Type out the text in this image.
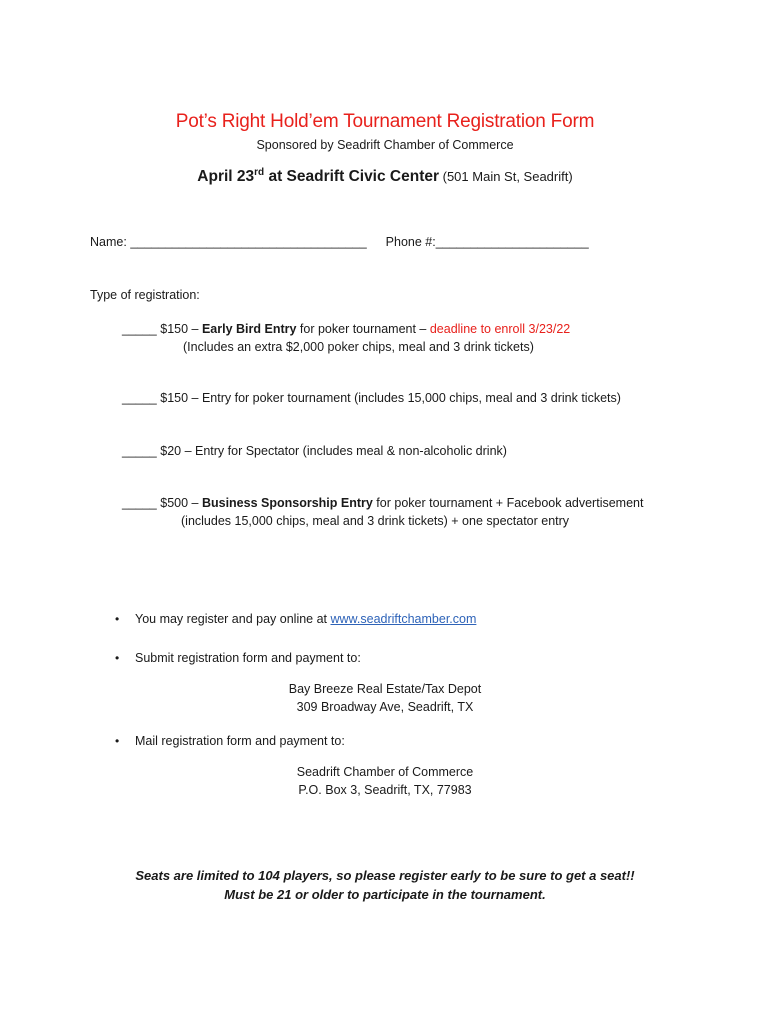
Pot’s Right Hold’em Tournament Registration Form
Sponsored by Seadrift Chamber of Commerce
April 23rd at Seadrift Civic Center (501 Main St, Seadrift)
Name: __________________________________ Phone #:______________________
Type of registration:
_____ $150 – Early Bird Entry for poker tournament – deadline to enroll 3/23/22
(Includes an extra $2,000 poker chips, meal and 3 drink tickets)
_____ $150 – Entry for poker tournament (includes 15,000 chips, meal and 3 drink tickets)
_____ $20 – Entry for Spectator (includes meal & non-alcoholic drink)
_____ $500 – Business Sponsorship Entry for poker tournament + Facebook advertisement
(includes 15,000 chips, meal and 3 drink tickets) + one spectator entry
• You may register and pay online at www.seadriftchamber.com
• Submit registration form and payment to:
Bay Breeze Real Estate/Tax Depot
309 Broadway Ave, Seadrift, TX
• Mail registration form and payment to:
Seadrift Chamber of Commerce
P.O. Box 3, Seadrift, TX, 77983
Seats are limited to 104 players, so please register early to be sure to get a seat!!
Must be 21 or older to participate in the tournament.
